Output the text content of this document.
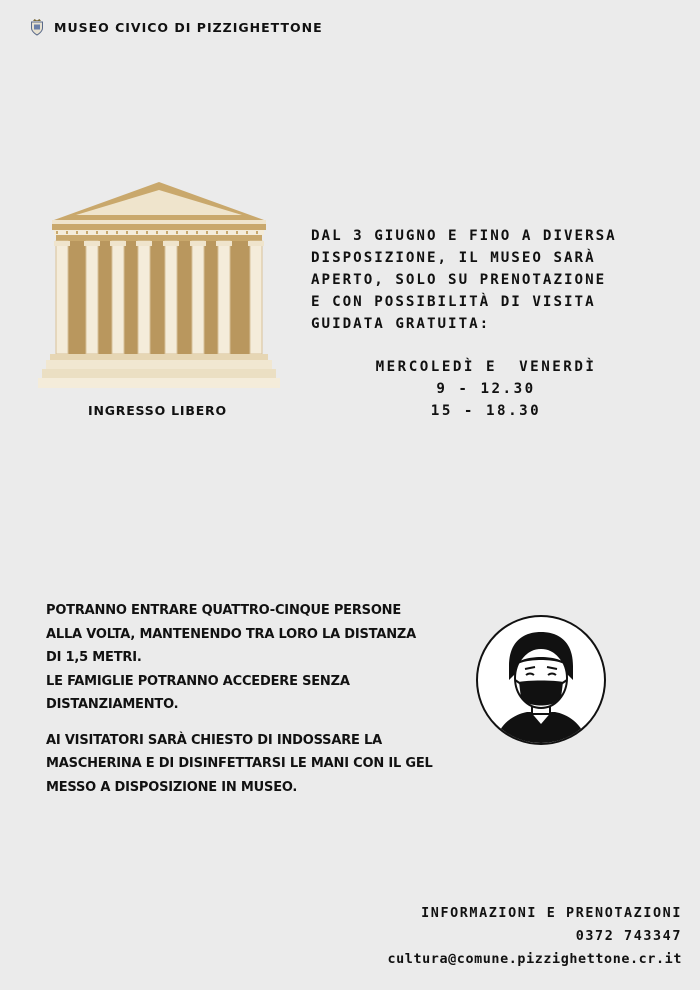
MUSEO CIVICO DI PIZZIGHETTONE
INGRESSO LIBERO
DAL 3 GIUGNO E FINO A DIVERSA
DISPOSIZIONE, IL MUSEO SARÀ
APERTO, SOLO SU PRENOTAZIONE
E CON POSSIBILITÀ DI VISITA
GUIDATA GRATUITA:
MERCOLEDÌ E  VENERDÌ
9 - 12.30
15 - 18.30

POTRANNO ENTRARE QUATTRO-CINQUE PERSONE

ALLA VOLTA, MANTENENDO TRA LORO LA DISTANZA

DI 1,5 METRI.

LE FAMIGLIE POTRANNO ACCEDERE SENZA

DISTANZIAMENTO.

AI VISITATORI SARÀ CHIESTO DI INDOSSARE LA

MASCHERINA E DI DISINFETTARSI LE MANI CON IL GEL

MESSO A DISPOSIZIONE IN MUSEO.

INFORMAZIONI E PRENOTAZIONI
0372 743347
cultura@comune.pizzighettone.cr.it
